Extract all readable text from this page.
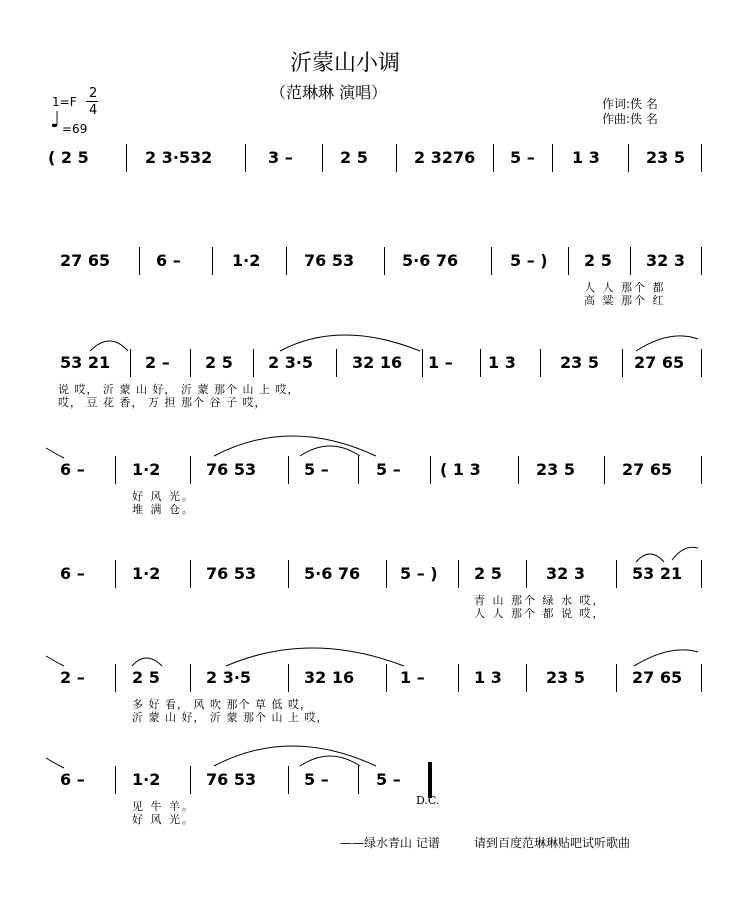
沂蒙山小调
（范琳琳 演唱）
1=F
2
4
♩ =69
作词:佚 名
作曲:佚 名
( 2 5	2 3·532	3 –	2 5	2 3276 5 – 1 3	23 5
27 65	6 –	1·2	76 53	5·6 76	5 – ) 2 5 32 3
人 人 那个 都
高 粱 那个 红
53 21 2 – 2 5 2 3·5 32 16 1 – 1 3	23 5 27 65
说 哎， 沂 蒙 山 好， 沂 蒙 那个 山 上 哎，
哎， 豆 花 香， 万 担 那个 谷 子 哎，
6 –	1·2	76 53	5 –	5 – ( 1 3	23 5	27 65
好 风 光。
堆 满 仓。
6 –	1·2	76 53	5·6 76 5 – ) 2 5	32 3	53 21
青 山 那个 绿 水 哎，
人 人 那个 都 说 哎，
2 –	2 5	2 3·5	32 16	1 –	1 3	23 5	27 65
多 好 看， 风 吹 那个 草 低 哎，
沂 蒙 山 好， 沂 蒙 那个 山 上 哎，
6 –	1·2	76 53	5 –	5 –
D.C.
见 牛 羊。
好 风 光。
——绿水青山 记谱	请到百度范琳琳贴吧试听歌曲
